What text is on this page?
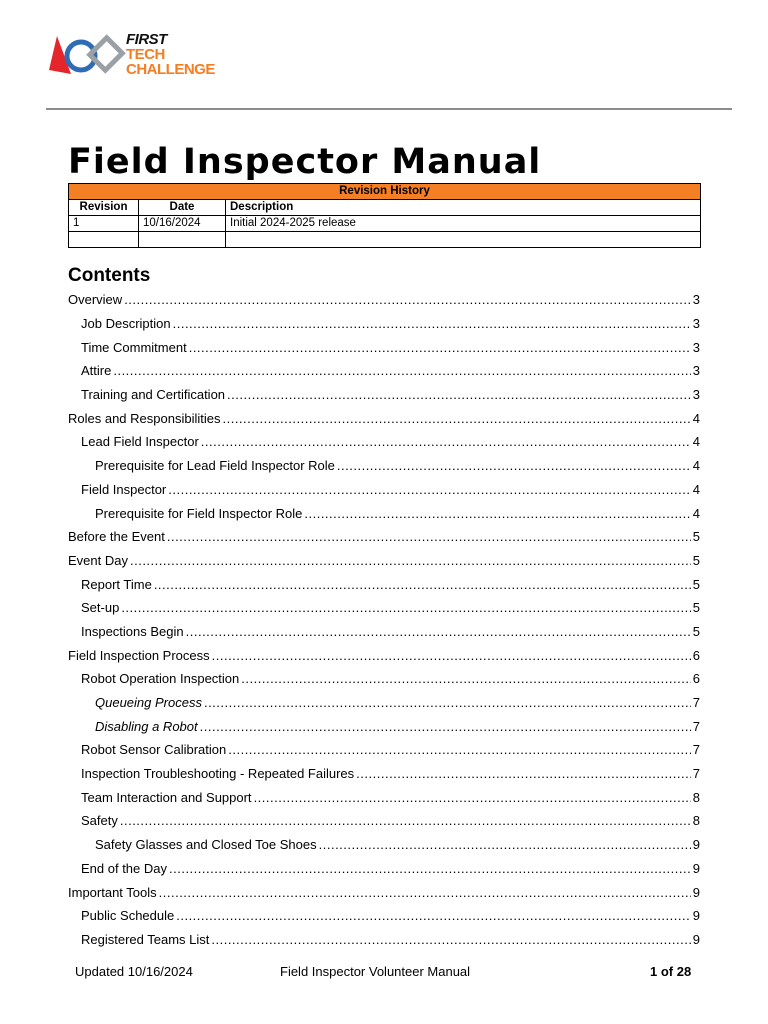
FIRST
TECH
CHALLENGE
Field Inspector Manual
Revision History		
Revision	Date	Description
1	10/16/2024	Initial 2024-2025 release

Contents
Overview .....	3
Job Description .....	3
Time Commitment .....	3
Attire .....	3
Training and Certification .....	3
Roles and Responsibilities .....	4
Lead Field Inspector .....	4
Prerequisite for Lead Field Inspector Role .....	4
Field Inspector .....	4
Prerequisite for Field Inspector Role .....	4
Before the Event .....	5
Event Day .....	5
Report Time .....	5
Set-up .....	5
Inspections Begin .....	5
Field Inspection Process .....	6
Robot Operation Inspection .....	6
Queueing Process .....	7
Disabling a Robot .....	7
Robot Sensor Calibration .....	7
Inspection Troubleshooting - Repeated Failures .....	7
Team Interaction and Support .....	8
Safety .....	8
Safety Glasses and Closed Toe Shoes .....	9
End of the Day .....	9
Important Tools .....	9
Public Schedule .....	9
Registered Teams List .....	9
Updated 10/16/2024	Field Inspector Volunteer Manual	1 of 28
